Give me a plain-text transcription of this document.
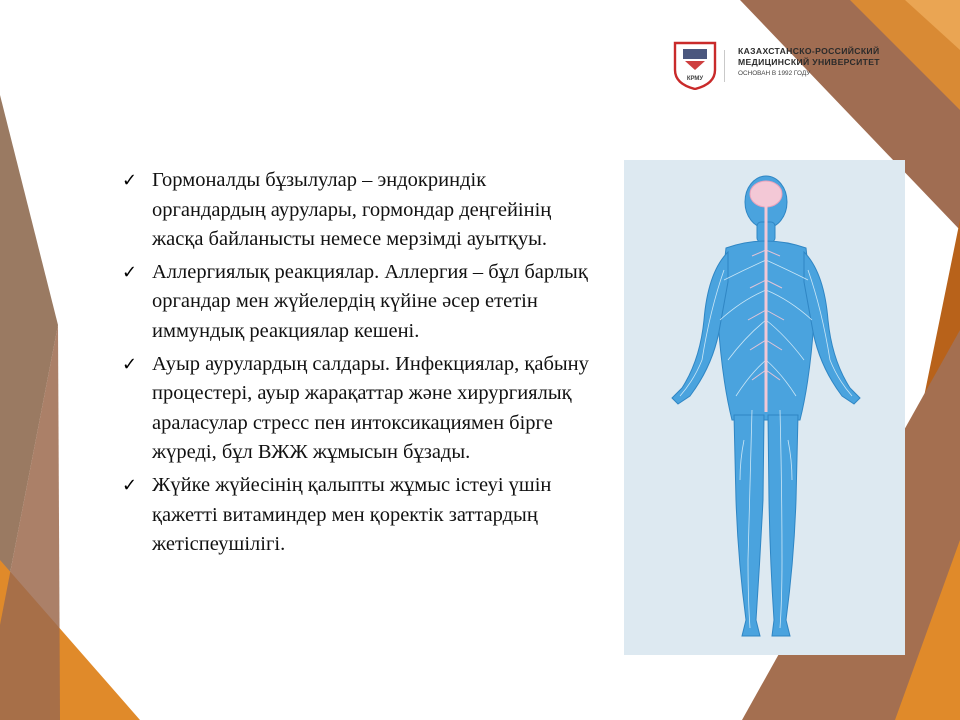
КРМУ
КАЗАХСТАНСКО-РОССИЙСКИЙ
МЕДИЦИНСКИЙ УНИВЕРСИТЕТ
ОСНОВАН В 1992 ГОДУ
✓ Гормоналды бұзылулар – эндокриндік органдардың аурулары, гормондар деңгейінің жасқа байланысты немесе мерзімді ауытқуы.
✓ Аллергиялық реакциялар. Аллергия – бұл барлық органдар мен жүйелердің күйіне әсер ететін иммундық реакциялар кешені.
✓ Ауыр аурулардың салдары. Инфекциялар, қабыну процестері, ауыр жарақаттар және хирургиялық араласулар стресс пен интоксикациямен бірге жүреді, бұл ВЖЖ жұмысын бұзады.
✓ Жүйке жүйесінің қалыпты жұмыс істеуі үшін қажетті витаминдер мен қоректік заттардың жетіспеушілігі.
